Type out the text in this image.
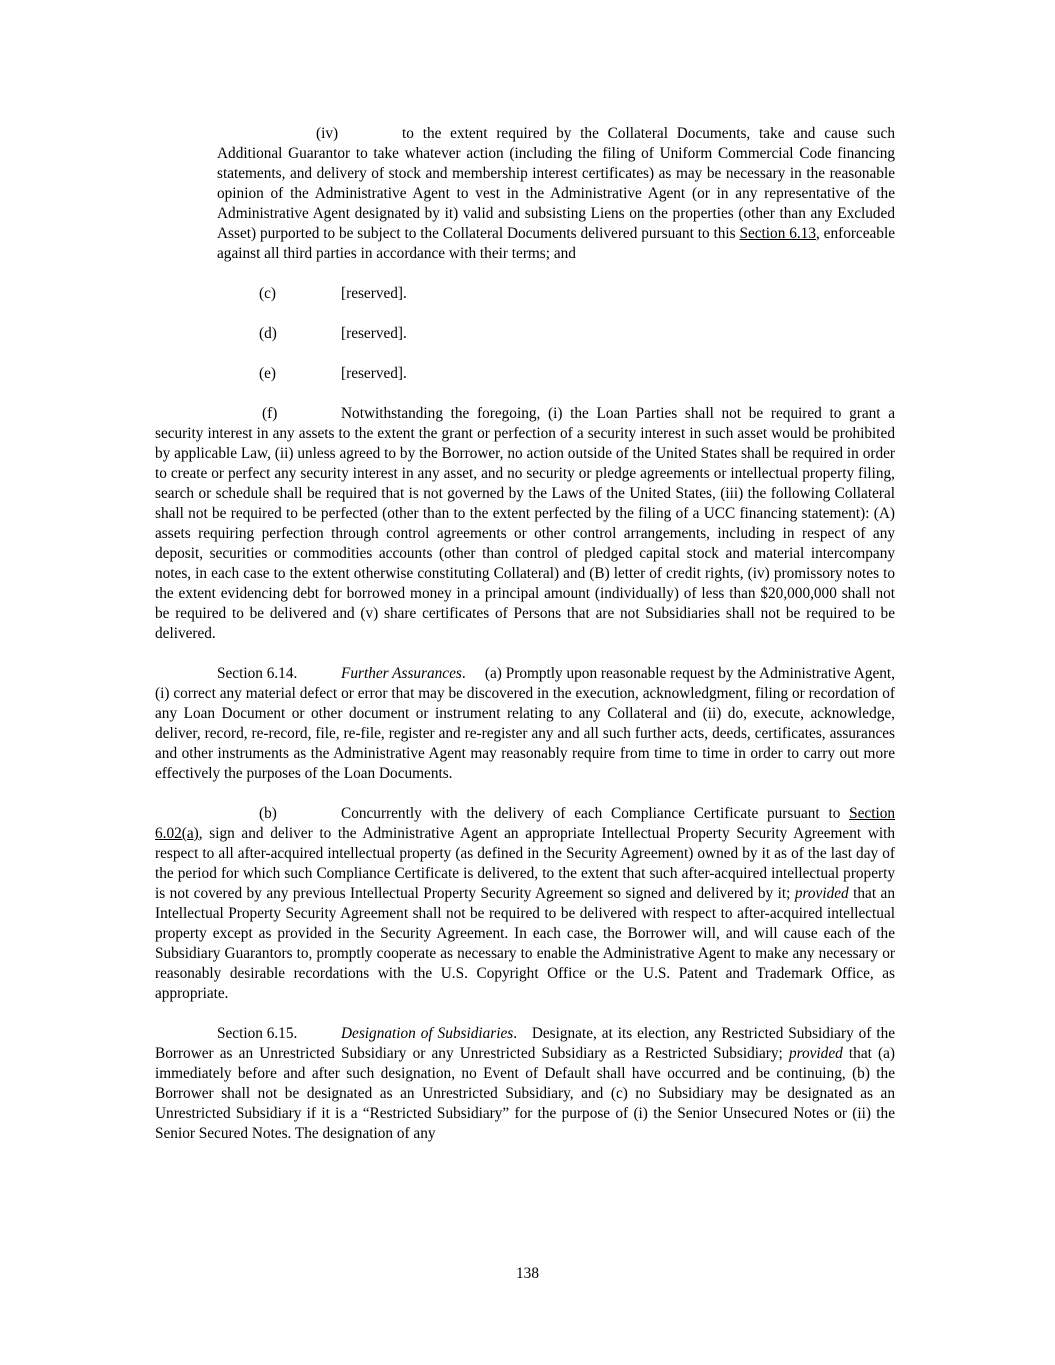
(iv)	to the extent required by the Collateral Documents, take and cause such Additional Guarantor to take whatever action (including the filing of Uniform Commercial Code financing statements, and delivery of stock and membership interest certificates) as may be necessary in the reasonable opinion of the Administrative Agent to vest in the Administrative Agent (or in any representative of the Administrative Agent designated by it) valid and subsisting Liens on the properties (other than any Excluded Asset) purported to be subject to the Collateral Documents delivered pursuant to this Section 6.13, enforceable against all third parties in accordance with their terms; and

(c)	[reserved].
(d)	[reserved].
(e)	[reserved].

(f)	Notwithstanding the foregoing, (i) the Loan Parties shall not be required to grant a security interest in any assets to the extent the grant or perfection of a security interest in such asset would be prohibited by applicable Law, (ii) unless agreed to by the Borrower, no action outside of the United States shall be required in order to create or perfect any security interest in any asset, and no security or pledge agreements or intellectual property filing, search or schedule shall be required that is not governed by the Laws of the United States, (iii) the following Collateral shall not be required to be perfected (other than to the extent perfected by the filing of a UCC financing statement): (A) assets requiring perfection through control agreements or other control arrangements, including in respect of any deposit, securities or commodities accounts (other than control of pledged capital stock and material intercompany notes, in each case to the extent otherwise constituting Collateral) and (B) letter of credit rights, (iv) promissory notes to the extent evidencing debt for borrowed money in a principal amount (individually) of less than $20,000,000 shall not be required to be delivered and (v) share certificates of Persons that are not Subsidiaries shall not be required to be delivered.

Section 6.14.	Further Assurances.     (a) Promptly upon reasonable request by the Administrative Agent, (i) correct any material defect or error that may be discovered in the execution, acknowledgment, filing or recordation of any Loan Document or other document or instrument relating to any Collateral and (ii) do, execute, acknowledge, deliver, record, re-record, file, re-file, register and re-register any and all such further acts, deeds, certificates, assurances and other instruments as the Administrative Agent may reasonably require from time to time in order to carry out more effectively the purposes of the Loan Documents.

(b)	Concurrently with the delivery of each Compliance Certificate pursuant to Section 6.02(a), sign and deliver to the Administrative Agent an appropriate Intellectual Property Security Agreement with respect to all after-acquired intellectual property (as defined in the Security Agreement) owned by it as of the last day of the period for which such Compliance Certificate is delivered, to the extent that such after-acquired intellectual property is not covered by any previous Intellectual Property Security Agreement so signed and delivered by it; provided that an Intellectual Property Security Agreement shall not be required to be delivered with respect to after-acquired intellectual property except as provided in the Security Agreement. In each case, the Borrower will, and will cause each of the Subsidiary Guarantors to, promptly cooperate as necessary to enable the Administrative Agent to make any necessary or reasonably desirable recordations with the U.S. Copyright Office or the U.S. Patent and Trademark Office, as appropriate.

Section 6.15.	Designation of Subsidiaries.   Designate, at its election, any Restricted Subsidiary of the Borrower as an Unrestricted Subsidiary or any Unrestricted Subsidiary as a Restricted Subsidiary; provided that (a) immediately before and after such designation, no Event of Default shall have occurred and be continuing, (b) the Borrower shall not be designated as an Unrestricted Subsidiary, and (c) no Subsidiary may be designated as an Unrestricted Subsidiary if it is a “Restricted Subsidiary” for the purpose of (i) the Senior Unsecured Notes or (ii) the Senior Secured Notes. The designation of any

138
